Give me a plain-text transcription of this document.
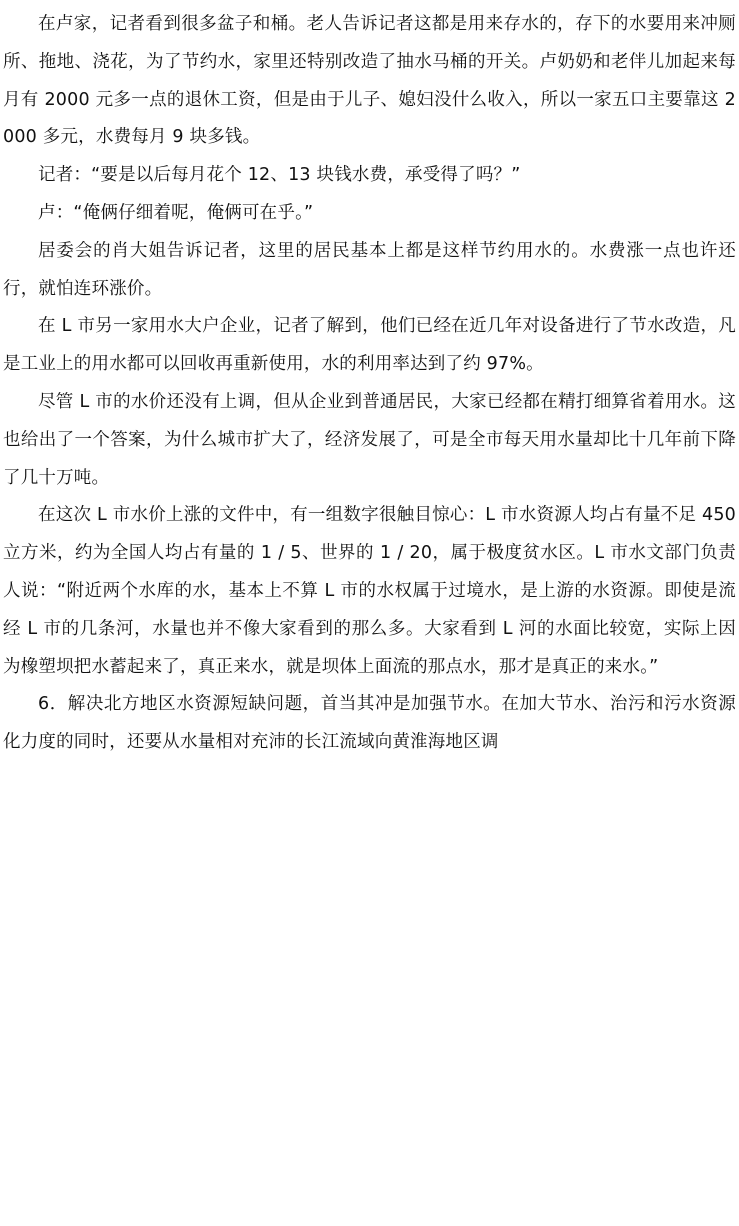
在卢家，记者看到很多盆子和桶。老人告诉记者这都是用来存水的，存下的水要用来冲厕所、拖地、浇花，为了节约水，家里还特别改造了抽水马桶的开关。卢奶奶和老伴儿加起来每月有 2000 元多一点的退休工资，但是由于儿子、媳妇没什么收入，所以一家五口主要靠这 2000 多元，水费每月 9 块多钱。

记者：“要是以后每月花个 12、13 块钱水费，承受得了吗？”

卢：“俺俩仔细着呢，俺俩可在乎。”

居委会的肖大姐告诉记者，这里的居民基本上都是这样节约用水的。水费涨一点也许还行，就怕连环涨价。

在 L 市另一家用水大户企业，记者了解到，他们已经在近几年对设备进行了节水改造，凡是工业上的用水都可以回收再重新使用，水的利用率达到了约 97%。

尽管 L 市的水价还没有上调，但从企业到普通居民，大家已经都在精打细算省着用水。这也给出了一个答案，为什么城市扩大了，经济发展了，可是全市每天用水量却比十几年前下降了几十万吨。

在这次 L 市水价上涨的文件中，有一组数字很触目惊心：L 市水资源人均占有量不足 450 立方米，约为全国人均占有量的 1 / 5、世界的 1 / 20，属于极度贫水区。L 市水文部门负责人说：“附近两个水库的水，基本上不算 L 市的水权属于过境水，是上游的水资源。即使是流经 L 市的几条河，水量也并不像大家看到的那么多。大家看到 L 河的水面比较宽，实际上因为橡塑坝把水蓄起来了，真正来水，就是坝体上面流的那点水，那才是真正的来水。”

6．解决北方地区水资源短缺问题，首当其冲是加强节水。在加大节水、治污和污水资源化力度的同时，还要从水量相对充沛的长江流域向黄淮海地区调
